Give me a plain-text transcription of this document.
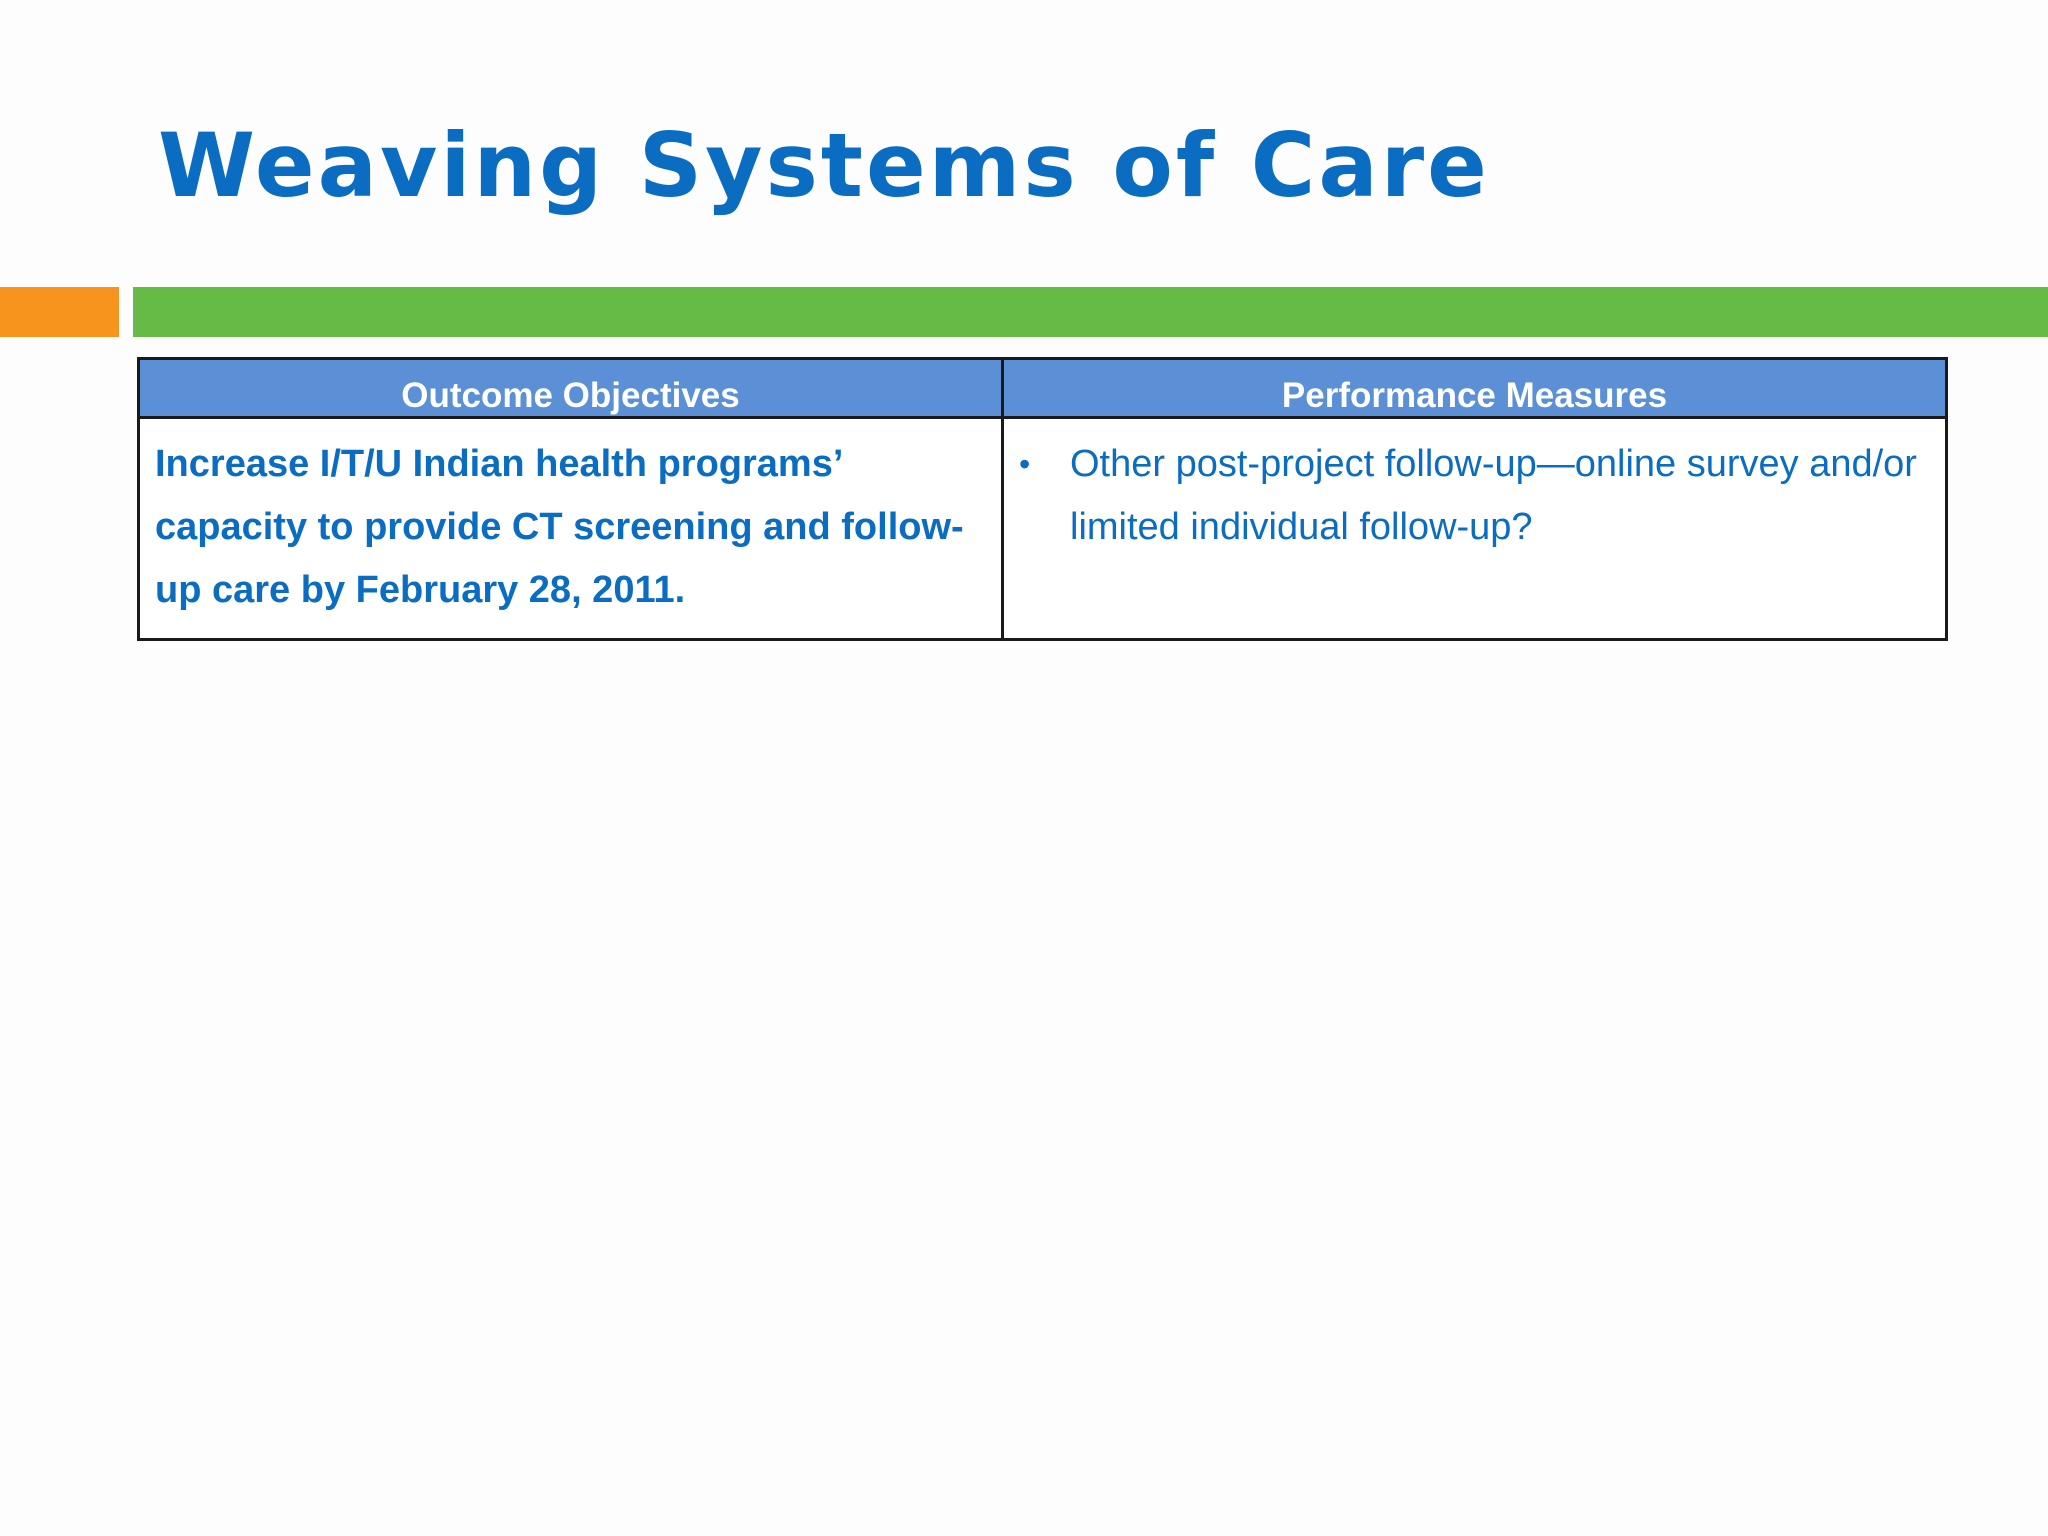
Weaving Systems of Care
Outcome Objectives	Performance Measures
Increase I/T/U Indian health programs’ capacity to provide CT screening and follow-up care by February 28, 2011.
• Other post-project follow-up—online survey and/or limited individual follow-up?
